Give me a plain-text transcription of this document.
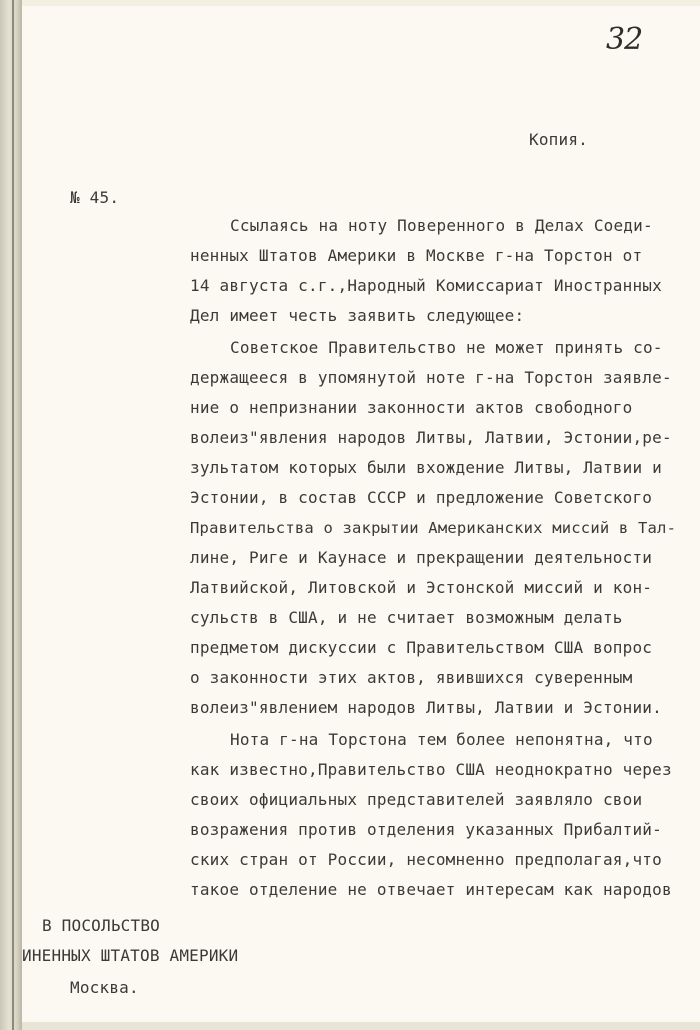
32
Копия.
№ 45.
Ссылаясь на ноту Поверенного в Делах Соеди-
ненных Штатов Америки в Москве г-на Торстон от
14 августа с.г.,Народный Комиссариат Иностранных
Дел имеет честь заявить следующее:
Советское Правительство не может принять со-
держащееся в упомянутой ноте г-на Торстон заявле-
ние о непризнании законности актов свободного
волеиз"явления народов Литвы, Латвии, Эстонии,ре-
зультатом которых были вхождение Литвы, Латвии и
Эстонии, в состав СССР и предложение Советского
Правительства о закрытии Американских миссий в Тал-
лине, Риге и Каунасе и прекращении деятельности
Латвийской, Литовской и Эстонской миссий и кон-
сульств в США, и не считает возможным делать
предметом дискуссии с Правительством США вопрос
о законности этих актов, явившихся суверенным
волеиз"явлением народов Литвы, Латвии и Эстонии.
Нота г-на Торстона тем более непонятна, что
как известно,Правительство США неоднократно через
своих официальных представителей заявляло свои
возражения против отделения указанных Прибалтий-
ских стран от России, несомненно предполагая,что
такое отделение не отвечает интересам как народов
В ПОСОЛЬСТВО
ИНЕННЫХ ШТАТОВ АМЕРИКИ
Москва.
